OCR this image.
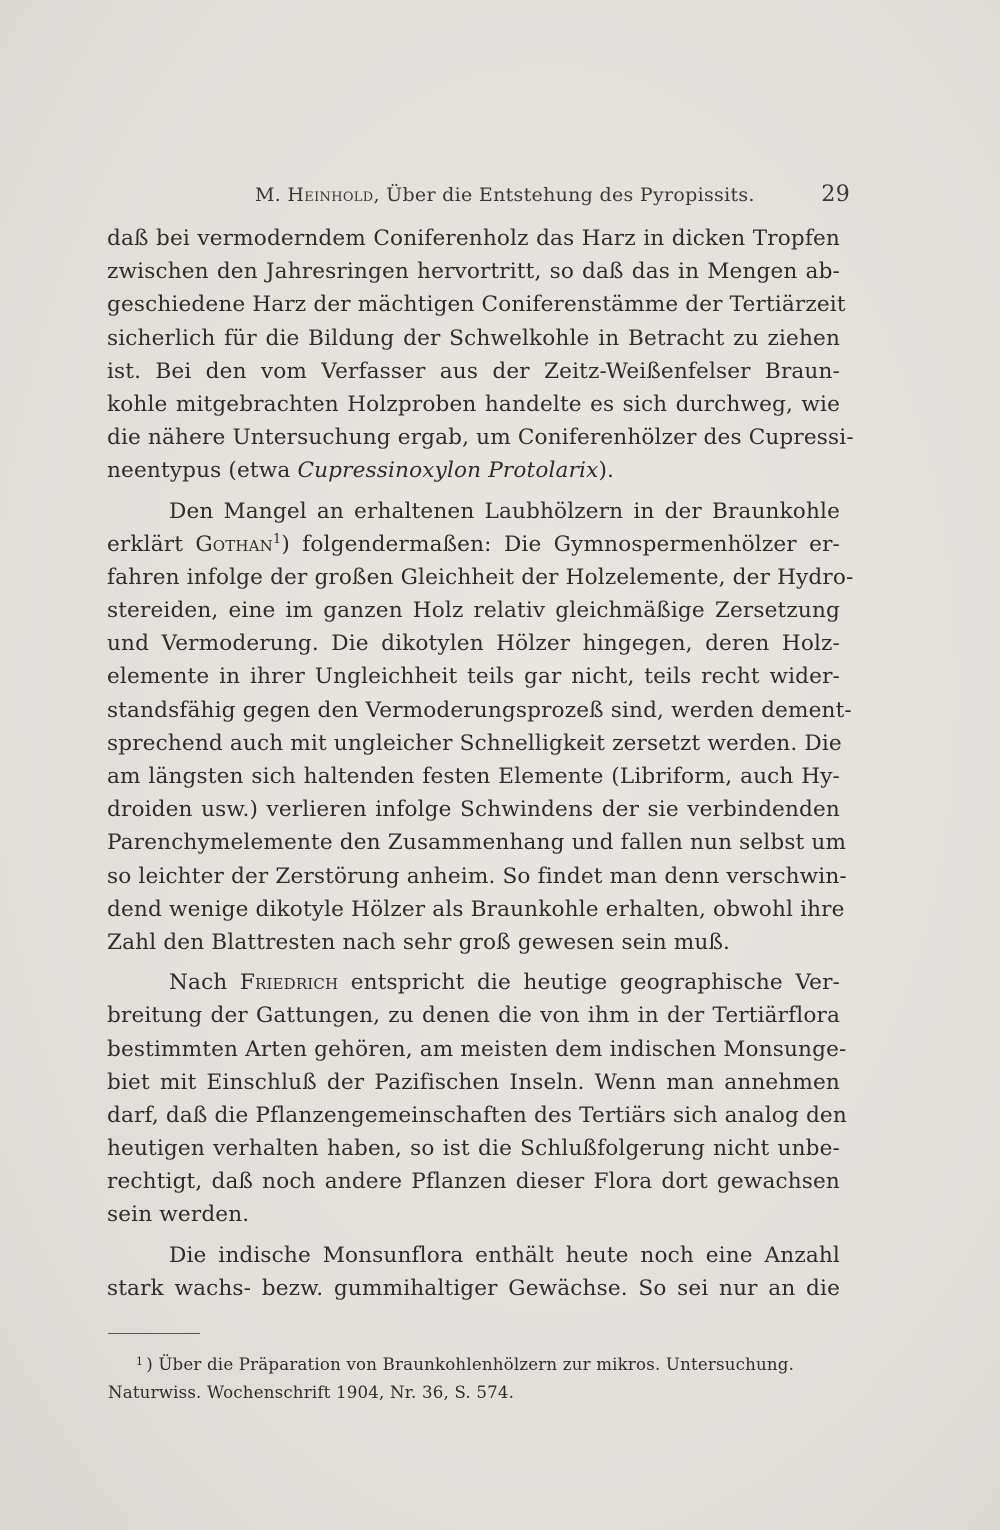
M. Heinhold, Über die Entstehung des Pyropissits.	29
daß bei vermoderndem Coniferenholz das Harz in dicken Tropfen
zwischen den Jahresringen hervortritt, so daß das in Mengen ab-
geschiedene Harz der mächtigen Coniferenstämme der Tertiärzeit
sicherlich für die Bildung der Schwelkohle in Betracht zu ziehen
ist. Bei den vom Verfasser aus der Zeitz-Weißenfelser Braun-
kohle mitgebrachten Holzproben handelte es sich durchweg, wie
die nähere Untersuchung ergab, um Coniferenhölzer des Cupressi-
neentypus (etwa Cupressinoxylon Protolarix).
Den Mangel an erhaltenen Laubhölzern in der Braunkohle
erklärt Gothan$^1$) folgendermaßen: Die Gymnospermenhölzer er-
fahren infolge der großen Gleichheit der Holzelemente, der Hydro-
stereiden, eine im ganzen Holz relativ gleichmäßige Zersetzung
und Vermoderung. Die dikotylen Hölzer hingegen, deren Holz-
elemente in ihrer Ungleichheit teils gar nicht, teils recht wider-
standsfähig gegen den Vermoderungsprozeß sind, werden dement-
sprechend auch mit ungleicher Schnelligkeit zersetzt werden. Die
am längsten sich haltenden festen Elemente (Libriform, auch Hy-
droiden usw.) verlieren infolge Schwindens der sie verbindenden
Parenchymelemente den Zusammenhang und fallen nun selbst um
so leichter der Zerstörung anheim. So findet man denn verschwin-
dend wenige dikotyle Hölzer als Braunkohle erhalten, obwohl ihre
Zahl den Blattresten nach sehr groß gewesen sein muß.
Nach Friedrich entspricht die heutige geographische Ver-
breitung der Gattungen, zu denen die von ihm in der Tertiärflora
bestimmten Arten gehören, am meisten dem indischen Monsunge-
biet mit Einschluß der Pazifischen Inseln. Wenn man annehmen
darf, daß die Pflanzengemeinschaften des Tertiärs sich analog den
heutigen verhalten haben, so ist die Schlußfolgerung nicht unbe-
rechtigt, daß noch andere Pflanzen dieser Flora dort gewachsen
sein werden.
Die indische Monsunflora enthält heute noch eine Anzahl
stark wachs- bezw. gummihaltiger Gewächse. So sei nur an die
$^1$ ) Über die Präparation von Braunkohlenhölzern zur mikros. Untersuchung.
Naturwiss. Wochenschrift 1904, Nr. 36, S. 574.
